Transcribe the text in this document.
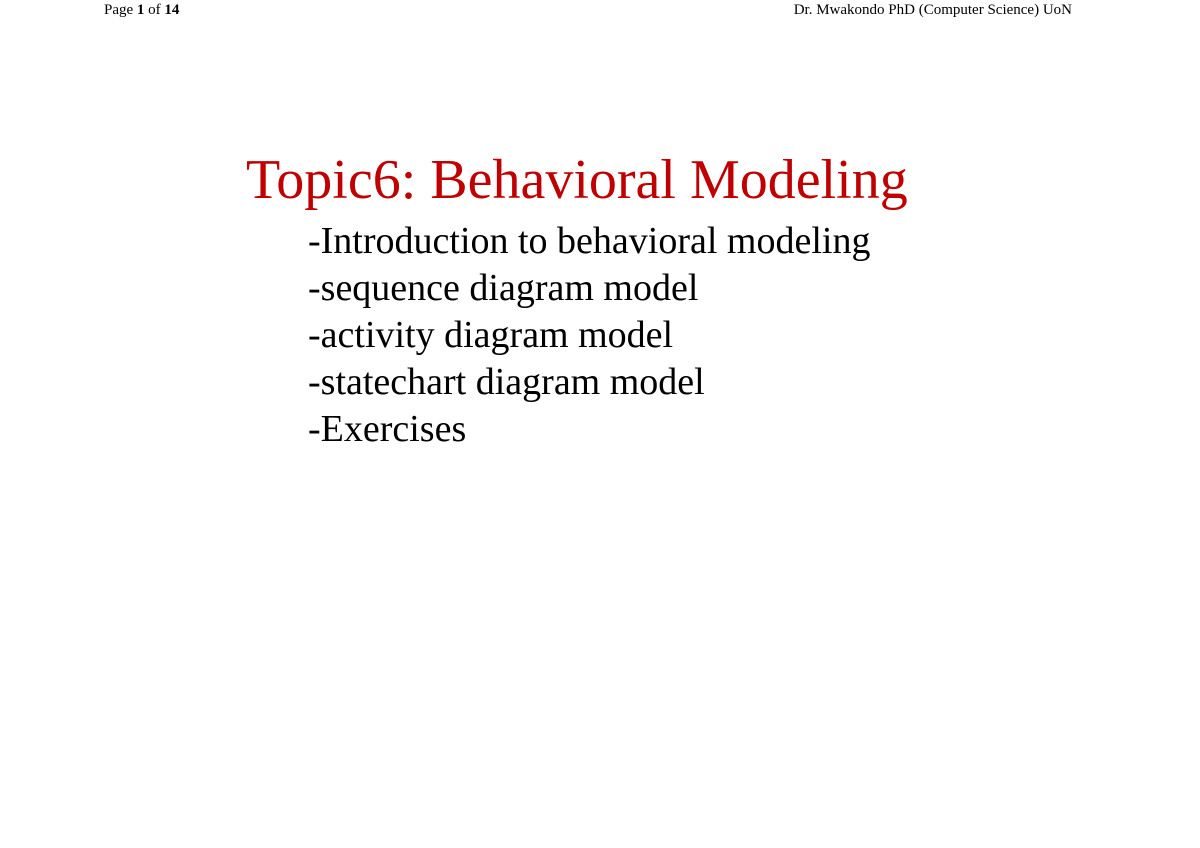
Page 1 of 14	Dr. Mwakondo PhD (Computer Science) UoN
Topic6: Behavioral Modeling
-Introduction to behavioral modeling
-sequence diagram model
-activity diagram model
-statechart diagram model
-Exercises
